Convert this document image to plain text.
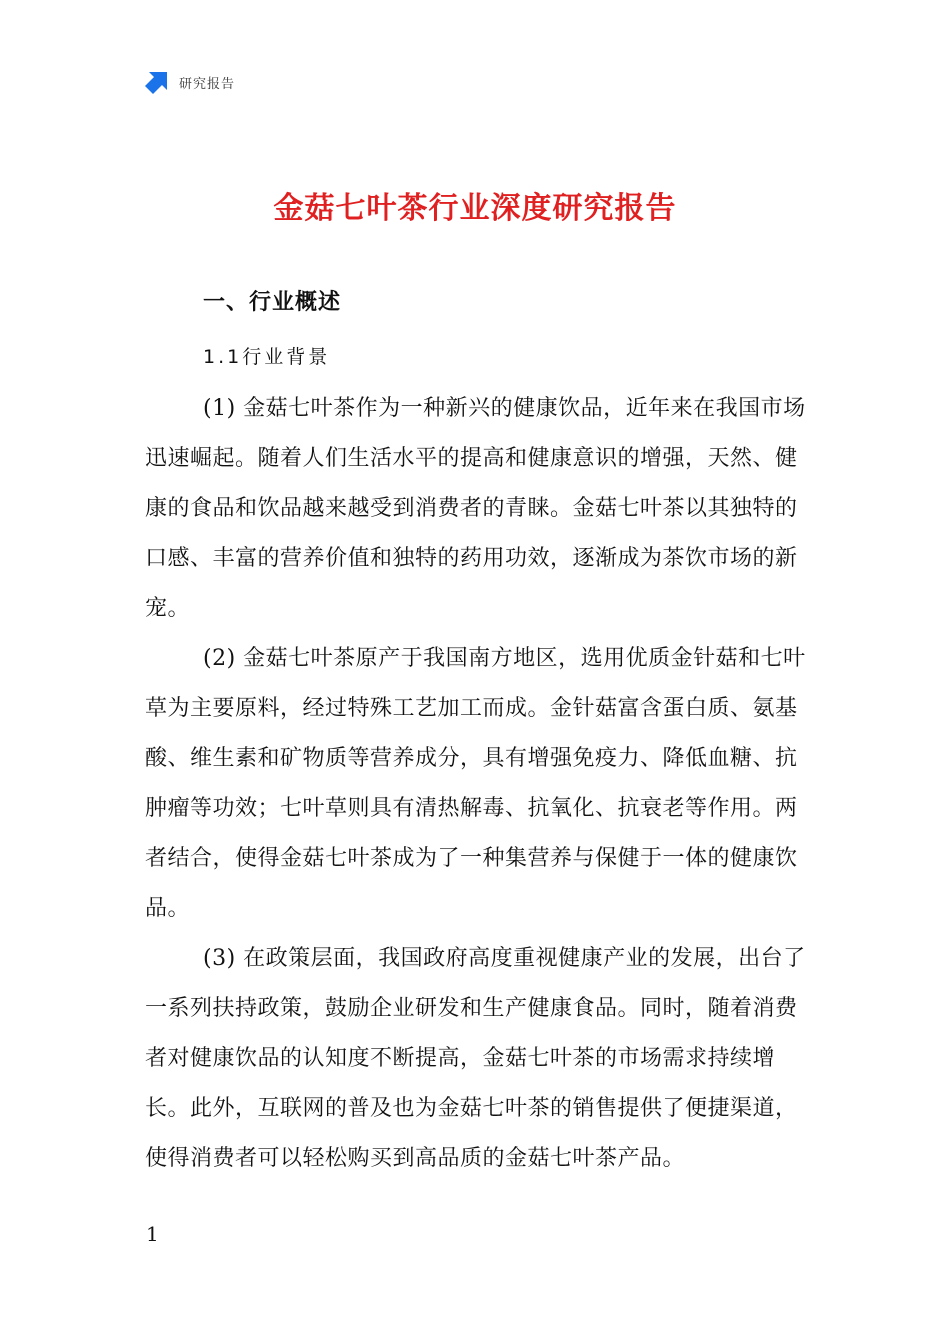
研究报告
金菇七叶茶行业深度研究报告
一、行业概述
1.1行业背景

(1) 金菇七叶茶作为一种新兴的健康饮品，近年来在我国市场迅速崛起。随着人们生活水平的提高和健康意识的增强，天然、健康的食品和饮品越来越受到消费者的青睐。金菇七叶茶以其独特的口感、丰富的营养价值和独特的药用功效，逐渐成为茶饮市场的新宠。

(2) 金菇七叶茶原产于我国南方地区，选用优质金针菇和七叶草为主要原料，经过特殊工艺加工而成。金针菇富含蛋白质、氨基酸、维生素和矿物质等营养成分，具有增强免疫力、降低血糖、抗肿瘤等功效；七叶草则具有清热解毒、抗氧化、抗衰老等作用。两者结合，使得金菇七叶茶成为了一种集营养与保健于一体的健康饮品。

(3) 在政策层面，我国政府高度重视健康产业的发展，出台了一系列扶持政策，鼓励企业研发和生产健康食品。同时，随着消费者对健康饮品的认知度不断提高，金菇七叶茶的市场需求持续增长。此外，互联网的普及也为金菇七叶茶的销售提供了便捷渠道，使得消费者可以轻松购买到高品质的金菇七叶茶产品。

1
